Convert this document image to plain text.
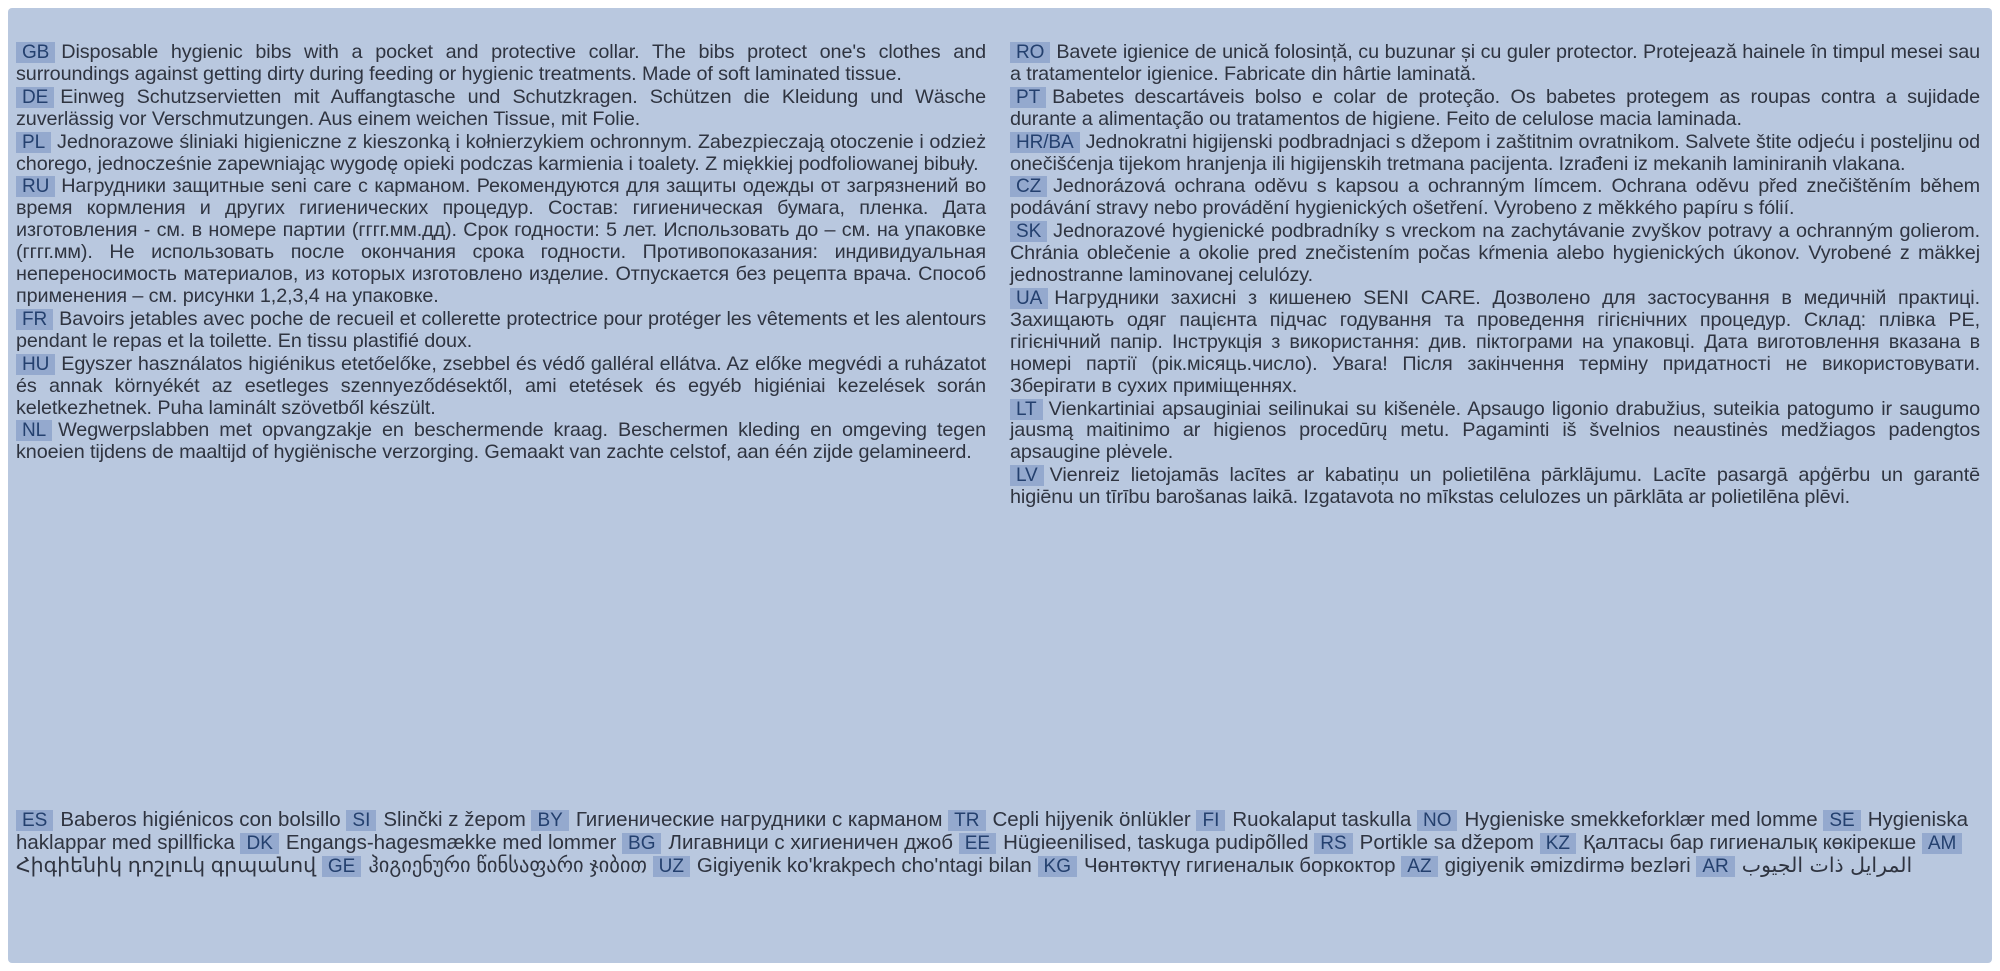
GB Disposable hygienic bibs with a pocket and protective collar. The bibs protect one's clothes and surroundings against getting dirty during feeding or hygienic treatments. Made of soft laminated tissue.
DE Einweg Schutzservietten mit Auffangtasche und Schutzkragen. Schützen die Kleidung und Wäsche zuverlässig vor Verschmutzungen. Aus einem weichen Tissue, mit Folie.
PL Jednorazowe śliniaki higieniczne z kieszonką i kołnierzykiem ochronnym. Zabezpieczają otoczenie i odzież chorego, jednocześnie zapewniając wygodę opieki podczas karmienia i toalety. Z miękkiej podfoliowanej bibuły.
RU Нагрудники защитные seni care с карманом. Рекомендуются для защиты одежды от загрязнений во время кормления и других гигиенических процедур. Состав: гигиеническая бумага, пленка. Дата изготовления - см. в номере партии (гггг.мм.дд). Срок годности: 5 лет. Использовать до – см. на упаковке (гггг.мм). Не использовать после окончания срока годности. Противопоказания: индивидуальная непереносимость материалов, из которых изготовлено изделие. Отпускается без рецепта врача. Способ применения – см. рисунки 1,2,3,4 на упаковке.
FR Bavoirs jetables avec poche de recueil et collerette protectrice pour protéger les vêtements et les alentours pendant le repas et la toilette. En tissu plastifié doux.
HU Egyszer használatos higiénikus etetőelőke, zsebbel és védő galléral ellátva. Az előke megvédi a ruházatot és annak környékét az esetleges szennyeződésektől, ami etetések és egyéb higiéniai kezelések során keletkezhetnek. Puha laminált szövetből készült.
NL Wegwerpslabben met opvangzakje en beschermende kraag. Beschermen kleding en omgeving tegen knoeien tijdens de maaltijd of hygiënische verzorging. Gemaakt van zachte celstof, aan één zijde gelamineerd.
RO Bavete igienice de unică folosință, cu buzunar și cu guler protector. Protejează hainele în timpul mesei sau a tratamentelor igienice. Fabricate din hârtie laminată.
PT Babetes descartáveis bolso e colar de proteção. Os babetes protegem as roupas contra a sujidade durante a alimentação ou tratamentos de higiene. Feito de celulose macia laminada.
HR/BA Jednokratni higijenski podbradnjaci s džepom i zaštitnim ovratnikom. Salvete štite odjeću i posteljinu od onečišćenja tijekom hranjenja ili higijenskih tretmana pacijenta. Izrađeni iz mekanih laminiranih vlakana.
CZ Jednorázová ochrana oděvu s kapsou a ochranným límcem. Ochrana oděvu před znečištěním během podávání stravy nebo provádění hygienických ošetření. Vyrobeno z měkkého papíru s fólií.
SK Jednorazové hygienické podbradníky s vreckom na zachytávanie zvyškov potravy a ochranným golierom. Chránia oblečenie a okolie pred znečistením počas kŕmenia alebo hygienických úkonov. Vyrobené z mäkkej jednostranne laminovanej celulózy.
UA Нагрудники захисні з кишенею SENI CARE. Дозволено для застосування в медичній практиці. Захищають одяг пацієнта підчас годування та проведення гігієнічних процедур. Склад: плівка PE, гігієнічний папір. Інструкція з використання: див. піктограми на упаковці. Дата виготовлення вказана в номері партії (рік.місяць.число). Увага! Після закінчення терміну придатності не використовувати. Зберігати в сухих приміщеннях.
LT Vienkartiniai apsauginiai seilinukai su kišenėle. Apsaugo ligonio drabužius, suteikia patogumo ir saugumo jausmą maitinimo ar higienos procedūrų metu. Pagaminti iš švelnios neaustinės medžiagos padengtos apsaugine plėvele.
LV Vienreiz lietojamās lacītes ar kabatiņu un polietilēna pārklājumu. Lacīte pasargā apģērbu un garantē higiēnu un tīrību barošanas laikā. Izgatavota no mīkstas celulozes un pārklāta ar polietilēna plēvi.
ES Baberos higiénicos con bolsillo SI Slinčki z žepom BY Гигиенические нагрудники с карманом TR Cepli hijyenik önlükler FI Ruokalaput taskulla NO Hygieniske smekkeforklær med lomme SE Hygieniska haklappar med spillficka DK Engangs-hagesmække med lommer BG Лигавници с хигиеничен джоб EE Hügieenilised, taskuga pudipõlled RS Portikle sa džepom KZ Қалтасы бар гигиеналық көкірекше AMՀիգիենիկ դոշլուկ գրպանով GE ჰიგიენური წინსაფარი ჯიბით UZ Gigiyenik ko'krakpech cho'ntagi bilan KG Чөнтөктүү гигиеналык боркоктор AZ gigiyenik əmizdirmə bezləri AR المرايل ذات الجيوب
